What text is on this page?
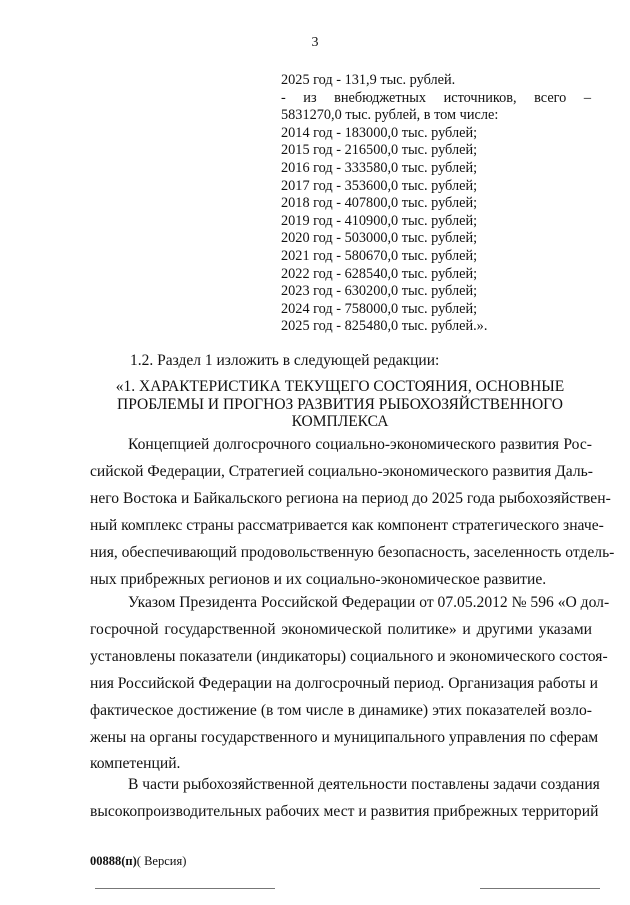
3
2025 год - 131,9 тыс. рублей.
- из внебюджетных источников, всего –
5831270,0 тыс. рублей, в том числе:
2014 год - 183000,0 тыс. рублей;
2015 год - 216500,0 тыс. рублей;
2016 год - 333580,0 тыс. рублей;
2017 год - 353600,0 тыс. рублей;
2018 год - 407800,0 тыс. рублей;
2019 год - 410900,0 тыс. рублей;
2020 год - 503000,0 тыс. рублей;
2021 год - 580670,0 тыс. рублей;
2022 год - 628540,0 тыс. рублей;
2023 год - 630200,0 тыс. рублей;
2024 год - 758000,0 тыс. рублей;
2025 год - 825480,0 тыс. рублей.».
1.2. Раздел 1 изложить в следующей редакции:
«1. ХАРАКТЕРИСТИКА ТЕКУЩЕГО СОСТОЯНИЯ, ОСНОВНЫЕ
ПРОБЛЕМЫ И ПРОГНОЗ РАЗВИТИЯ РЫБОХОЗЯЙСТВЕННОГО
КОМПЛЕКСА
Концепцией долгосрочного социально-экономического развития Рос-
сийской Федерации, Стратегией социально-экономического развития Даль-
него Востока и Байкальского региона на период до 2025 года рыбохозяйствен-
ный комплекс страны рассматривается как компонент стратегического значе-
ния, обеспечивающий продовольственную безопасность, заселенность отдель-
ных прибрежных регионов и их социально-экономическое развитие.
Указом Президента Российской Федерации от 07.05.2012 № 596 «О дол-
госрочной государственной экономической политике» и другими указами
установлены показатели (индикаторы) социального и экономического состоя-
ния Российской Федерации на долгосрочный период. Организация работы и
фактическое достижение (в том числе в динамике) этих показателей возло-
жены на органы государственного и муниципального управления по сферам
компетенций.
В части рыбохозяйственной деятельности поставлены задачи создания
высокопроизводительных рабочих мест и развития прибрежных территорий
00888(п)( Версия)
